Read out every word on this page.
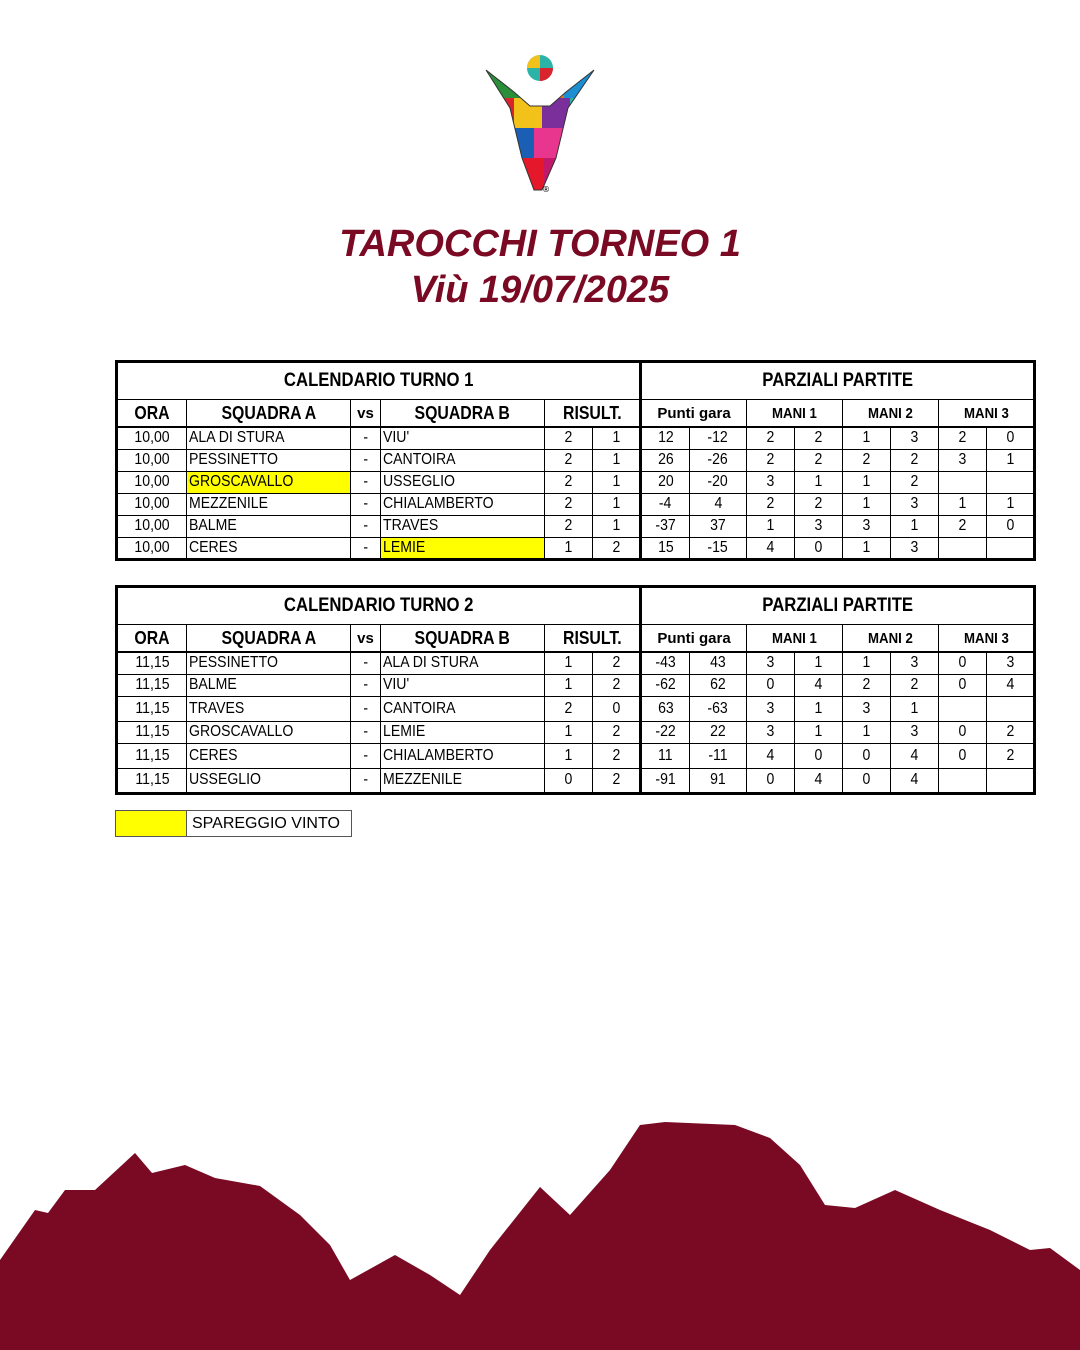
®
TAROCCHI TORNEO 1
Viù 19/07/2025
CALENDARIO TURNO 1						PARZIALI PARTITE							
ORA	SQUADRA A	vs	SQUADRA B	RISULT.		Punti gara		MANI 1		MANI 2		MANI 3	
10,00	ALA DI STURA	-	VIU'	2	1	12	-12	2	2	1	3	2	0
10,00	PESSINETTO	-	CANTOIRA	2	1	26	-26	2	2	2	2	3	1
10,00	GROSCAVALLO	-	USSEGLIO	2	1	20	-20	3	1	1	2		
10,00	MEZZENILE	-	CHIALAMBERTO	2	1	-4	4	2	2	1	3	1	1
10,00	BALME	-	TRAVES	2	1	-37	37	1	3	3	1	2	0
10,00	CERES	-	LEMIE	1	2	15	-15	4	0	1	3		
CALENDARIO TURNO 2						PARZIALI PARTITE							
ORA	SQUADRA A	vs	SQUADRA B	RISULT.		Punti gara		MANI 1		MANI 2		MANI 3	
11,15	PESSINETTO	-	ALA DI STURA	1	2	-43	43	3	1	1	3	0	3
11,15	BALME	-	VIU'	1	2	-62	62	0	4	2	2	0	4
11,15	TRAVES	-	CANTOIRA	2	0	63	-63	3	1	3	1		
11,15	GROSCAVALLO	-	LEMIE	1	2	-22	22	3	1	1	3	0	2
11,15	CERES	-	CHIALAMBERTO	1	2	11	-11	4	0	0	4	0	2
11,15	USSEGLIO	-	MEZZENILE	0	2	-91	91	0	4	0	4		
SPAREGGIO VINTO
